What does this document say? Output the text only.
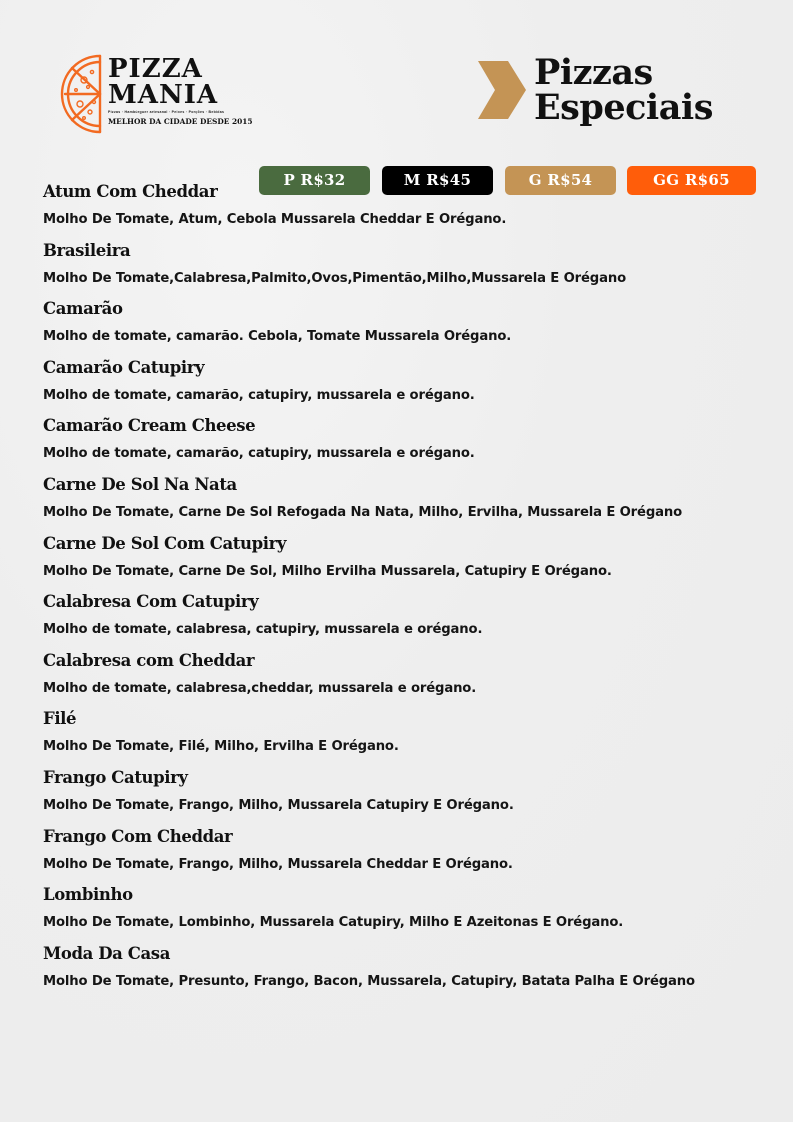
PIZZA
MANIA
Pizzas · Hambúrguer artesanal · Peixes · Porções · Bebidas
MELHOR DA CIDADE DESDE 2015
Pizzas
Especiais
P R$32	M R$45	G R$54	GG R$65
Atum Com Cheddar
Molho De Tomate, Atum, Cebola Mussarela Cheddar E Orégano.
Brasileira
Molho De Tomate,Calabresa,Palmito,Ovos,Pimentão,Milho,Mussarela E Orégano
Camarão
Molho de tomate, camarão. Cebola, Tomate Mussarela Orégano.
Camarão Catupiry
Molho de tomate, camarão, catupiry, mussarela e orégano.
Camarão Cream Cheese
Molho de tomate, camarão, catupiry, mussarela e orégano.
Carne De Sol Na Nata
Molho De Tomate, Carne De Sol Refogada Na Nata, Milho, Ervilha, Mussarela E Orégano
Carne De Sol Com Catupiry
Molho De Tomate, Carne De Sol, Milho Ervilha Mussarela, Catupiry E Orégano.
Calabresa Com Catupiry
Molho de tomate, calabresa, catupiry, mussarela e orégano.
Calabresa com Cheddar
Molho de tomate, calabresa,cheddar, mussarela e orégano.
Filé
Molho De Tomate, Filé, Milho, Ervilha E Orégano.
Frango Catupiry
Molho De Tomate, Frango, Milho, Mussarela Catupiry E Orégano.
Frango Com Cheddar
Molho De Tomate, Frango, Milho, Mussarela Cheddar E Orégano.
Lombinho
Molho De Tomate, Lombinho, Mussarela Catupiry, Milho E Azeitonas E Orégano.
Moda Da Casa
Molho De Tomate, Presunto, Frango, Bacon, Mussarela, Catupiry, Batata Palha E Orégano
